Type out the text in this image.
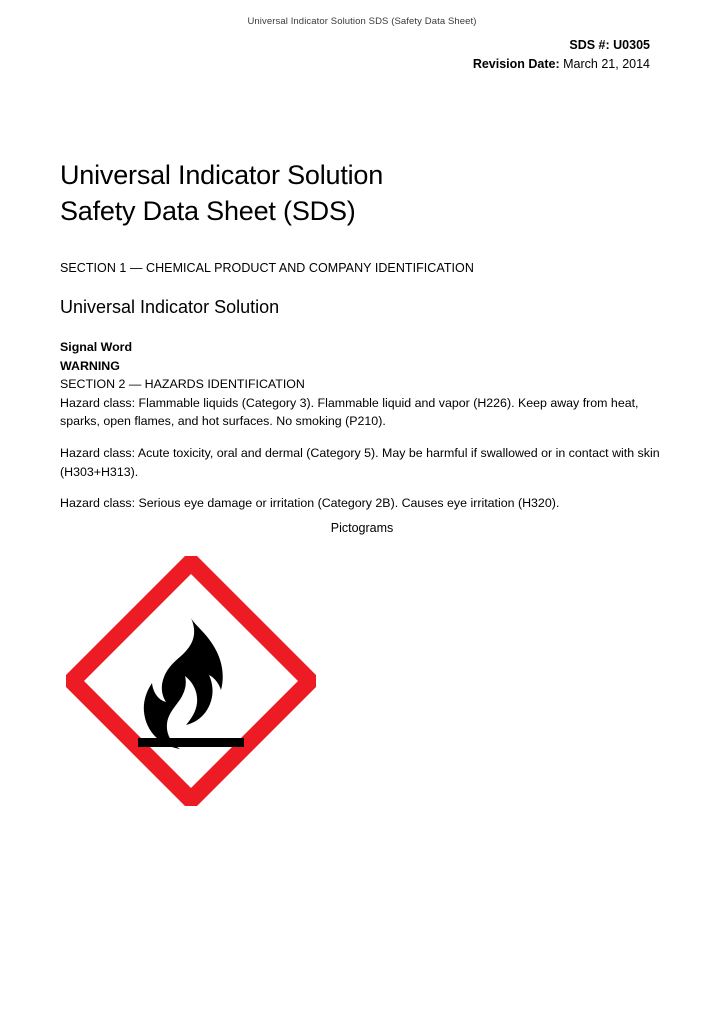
Universal Indicator Solution SDS (Safety Data Sheet)
SDS #: U0305
Revision Date: March 21, 2014
Universal Indicator Solution Safety Data Sheet (SDS)
SECTION 1 — CHEMICAL PRODUCT AND COMPANY IDENTIFICATION
Universal Indicator Solution

Signal Word

WARNING

SECTION 2 — HAZARDS IDENTIFICATION

Hazard class: Flammable liquids (Category 3). Flammable liquid and vapor (H226). Keep away from heat, sparks, open flames, and hot surfaces. No smoking (P210).

Hazard class: Acute toxicity, oral and dermal (Category 5). May be harmful if swallowed or in contact with skin (H303+H313).

Hazard class: Serious eye damage or irritation (Category 2B). Causes eye irritation (H320).

Pictograms
